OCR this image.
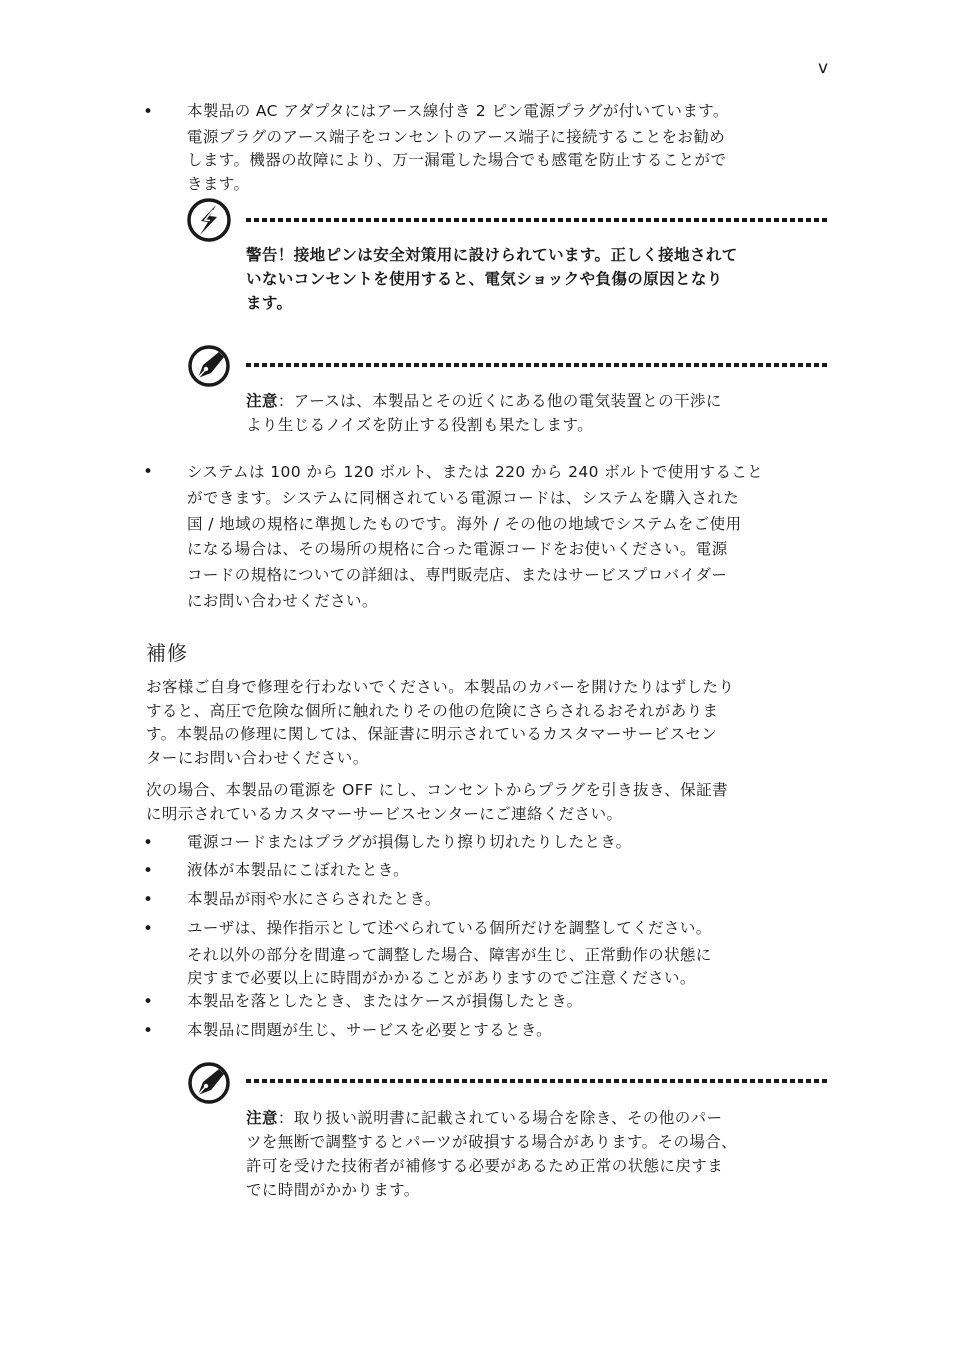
v
• 本製品の AC アダプタにはアース線付き 2 ピン電源プラグが付いています。

電源プラグのアース端子をコンセントのアース端子に接続することをお勧め

します。機器の故障により、万一漏電した場合でも感電を防止することがで

きます。

警告！接地ピンは安全対策用に設けられています。正しく接地されて
いないコンセントを使用すると、電気ショックや負傷の原因となり
ます。
注意：アースは、本製品とその近くにある他の電気装置との干渉に
より生じるノイズを防止する役割も果たします。
• システムは 100 から 120 ボルト、または 220 から 240 ボルトで使用すること

ができます。システムに同梱されている電源コードは、システムを購入された

国 / 地域の規格に準拠したものです。海外 / その他の地域でシステムをご使用

になる場合は、その場所の規格に合った電源コードをお使いください。電源

コードの規格についての詳細は、専門販売店、またはサービスプロバイダー

にお問い合わせください。

補修
お客様ご自身で修理を行わないでください。本製品のカバーを開けたりはずしたり
すると、高圧で危険な個所に触れたりその他の危険にさらされるおそれがありま
す。本製品の修理に関しては、保証書に明示されているカスタマーサービスセン
ターにお問い合わせください。
次の場合、本製品の電源を OFF にし、コンセントからプラグを引き抜き、保証書
に明示されているカスタマーサービスセンターにご連絡ください。
• 電源コードまたはプラグが損傷したり擦り切れたりしたとき。
• 液体が本製品にこぼれたとき。
• 本製品が雨や水にさらされたとき。
• ユーザは、操作指示として述べられている個所だけを調整してください。
それ以外の部分を間違って調整した場合、障害が生じ、正常動作の状態に
戻すまで必要以上に時間がかかることがありますのでご注意ください。
• 本製品を落としたとき、またはケースが損傷したとき。
• 本製品に問題が生じ、サービスを必要とするとき。
注意：取り扱い説明書に記載されている場合を除き、その他のパー
ツを無断で調整するとパーツが破損する場合があります。その場合、
許可を受けた技術者が補修する必要があるため正常の状態に戻すま
でに時間がかかります。
